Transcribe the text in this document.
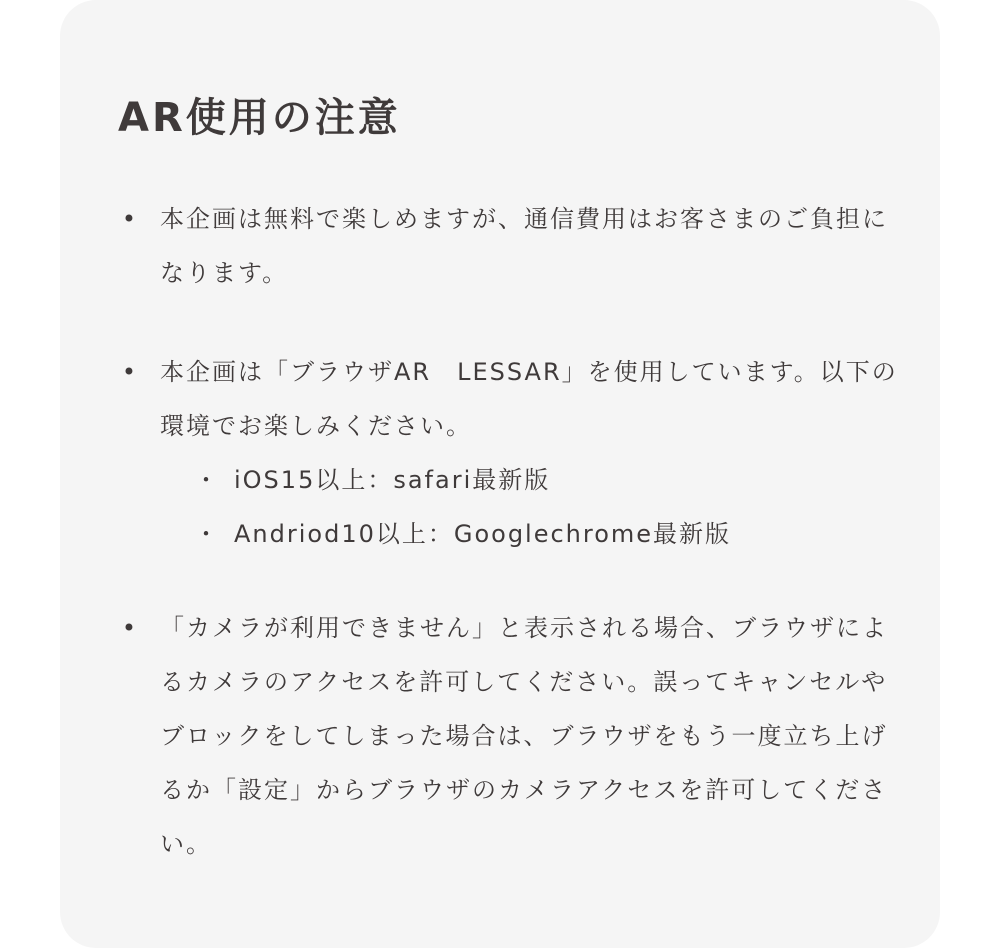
AR使用の注意
• 本企画は無料で楽しめますが、通信費用はお客さまのご負担になります。
• 本企画は「ブラウザAR　LESSAR」を使用しています。以下の環境でお楽しみください。
・ iOS15以上：safari最新版
・ Andriod10以上：Googlechrome最新版
• 「カメラが利用できません」と表示される場合、ブラウザによるカメラのアクセスを許可してください。誤ってキャンセルやブロックをしてしまった場合は、ブラウザをもう一度立ち上げるか「設定」からブラウザのカメラアクセスを許可してください。
